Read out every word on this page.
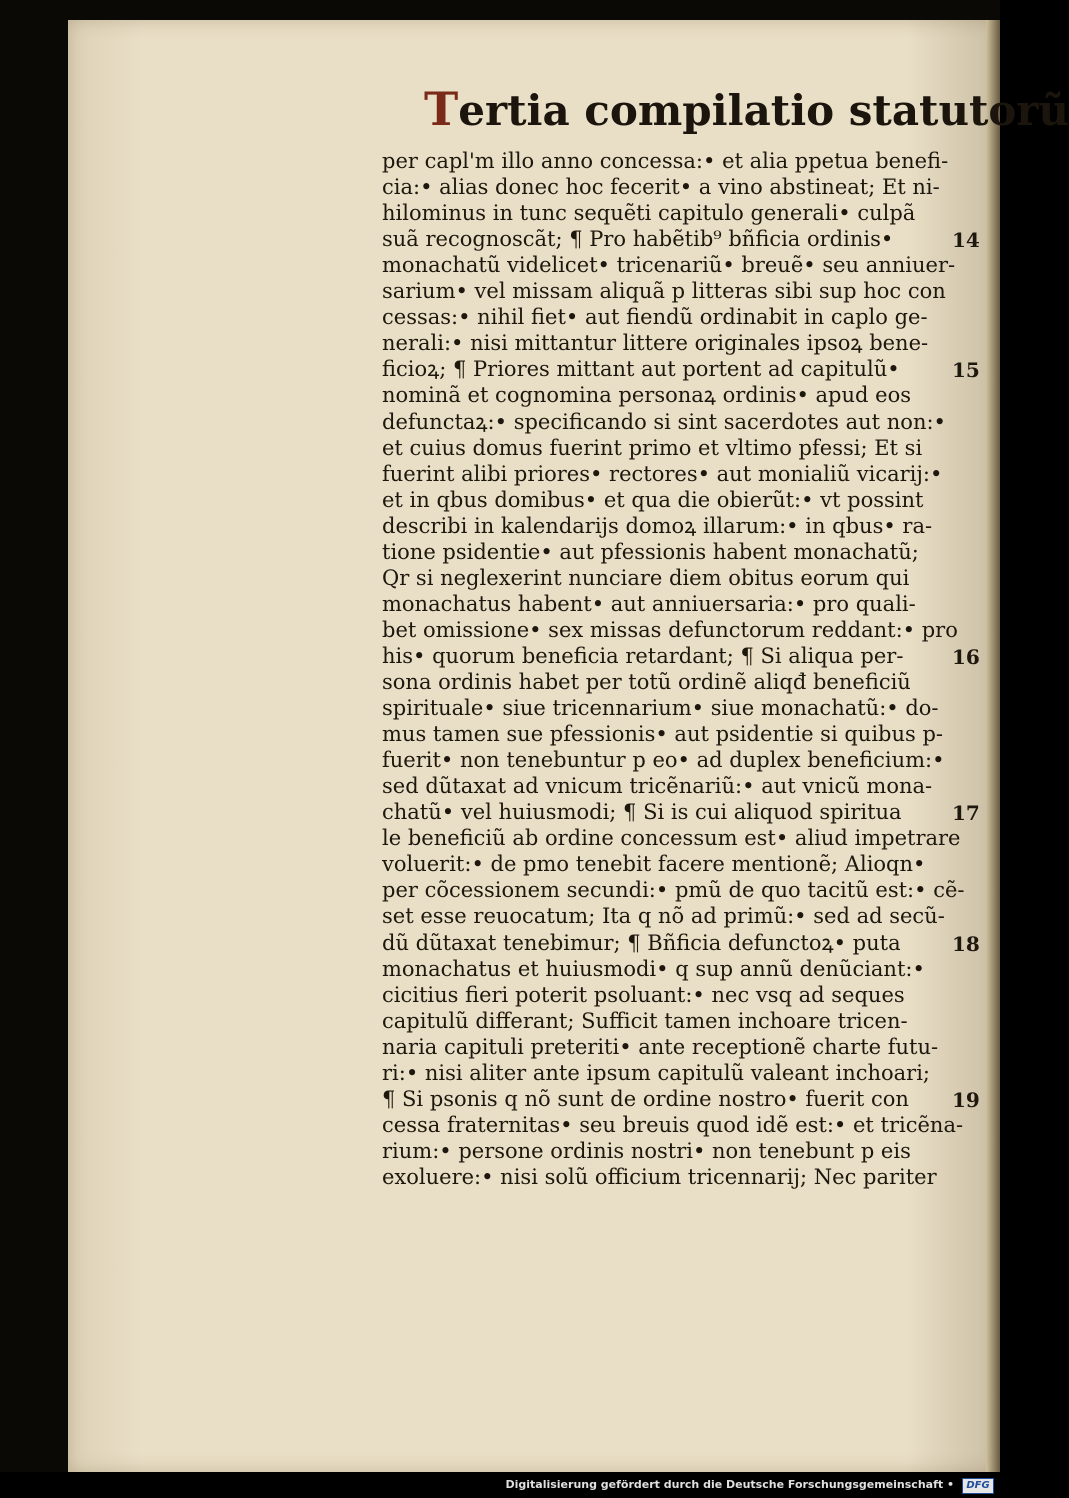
Tertia compilatio statutorũ
per capl'm illo anno concessa:• et alia ppetua benefi-
cia:• alias donec hoc fecerit• a vino abstineat; Et ni-
hilominus in tunc sequẽti capitulo generali• culpã
suã recognoscãt; ¶ Pro habẽtib⁹ bñficia ordinis•
monachatũ videlicet• tricenariũ• breuẽ• seu anniuer-
sarium• vel missam aliquã p litteras sibi sup hoc con
cessas:• nihil fiet• aut fiendũ ordinabit in caplo ge-
nerali:• nisi mittantur littere originales ipsoꝝ bene-
ficioꝝ; ¶ Priores mittant aut portent ad capitulũ•
nominã et cognomina personaꝝ ordinis• apud eos
defunctaꝝ:• specificando si sint sacerdotes aut non:•
et cuius domus fuerint primo et vltimo pfessi; Et si
fuerint alibi priores• rectores• aut monialiũ vicarij:•
et in qbus domibus• et qua die obierũt:• vt possint
describi in kalendarijs domoꝝ illarum:• in qbus• ra-
tione psidentie• aut pfessionis habent monachatũ;
Qr si neglexerint nunciare diem obitus eorum qui
monachatus habent• aut anniuersaria:• pro quali-
bet omissione• sex missas defunctorum reddant:• pro
his• quorum beneficia retardant; ¶ Si aliqua per-
sona ordinis habet per totũ ordinẽ aliqđ beneficiũ
spirituale• siue tricennarium• siue monachatũ:• do-
mus tamen sue pfessionis• aut psidentie si quibus p-
fuerit• non tenebuntur p eo• ad duplex beneficium:•
sed dũtaxat ad vnicum tricẽnariũ:• aut vnicũ mona-
chatũ• vel huiusmodi; ¶ Si is cui aliquod spiritua
le beneficiũ ab ordine concessum est• aliud impetrare
voluerit:• de pmo tenebit facere mentionẽ; Alioqn•
per cõcessionem secundi:• pmũ de quo tacitũ est:• cẽ-
set esse reuocatum; Ita q nõ ad primũ:• sed ad secũ-
dũ dũtaxat tenebimur; ¶ Bñficia defunctoꝝ• puta
monachatus et huiusmodi• q sup annũ denũciant:•
cicitius fieri poterit psoluant:• nec vsq ad seques
capitulũ differant; Sufficit tamen inchoare tricen-
naria capituli preteriti• ante receptionẽ charte futu-
ri:• nisi aliter ante ipsum capitulũ valeant inchoari;
¶ Si psonis q nõ sunt de ordine nostro• fuerit con
cessa fraternitas• seu breuis quod idẽ est:• et tricẽna-
rium:• persone ordinis nostri• non tenebunt p eis
exoluere:• nisi solũ officium tricennarij; Nec pariter
14
15
16
17
18
19
Digitalisierung gefördert durch die Deutsche Forschungsgemeinschaft •	DFG
